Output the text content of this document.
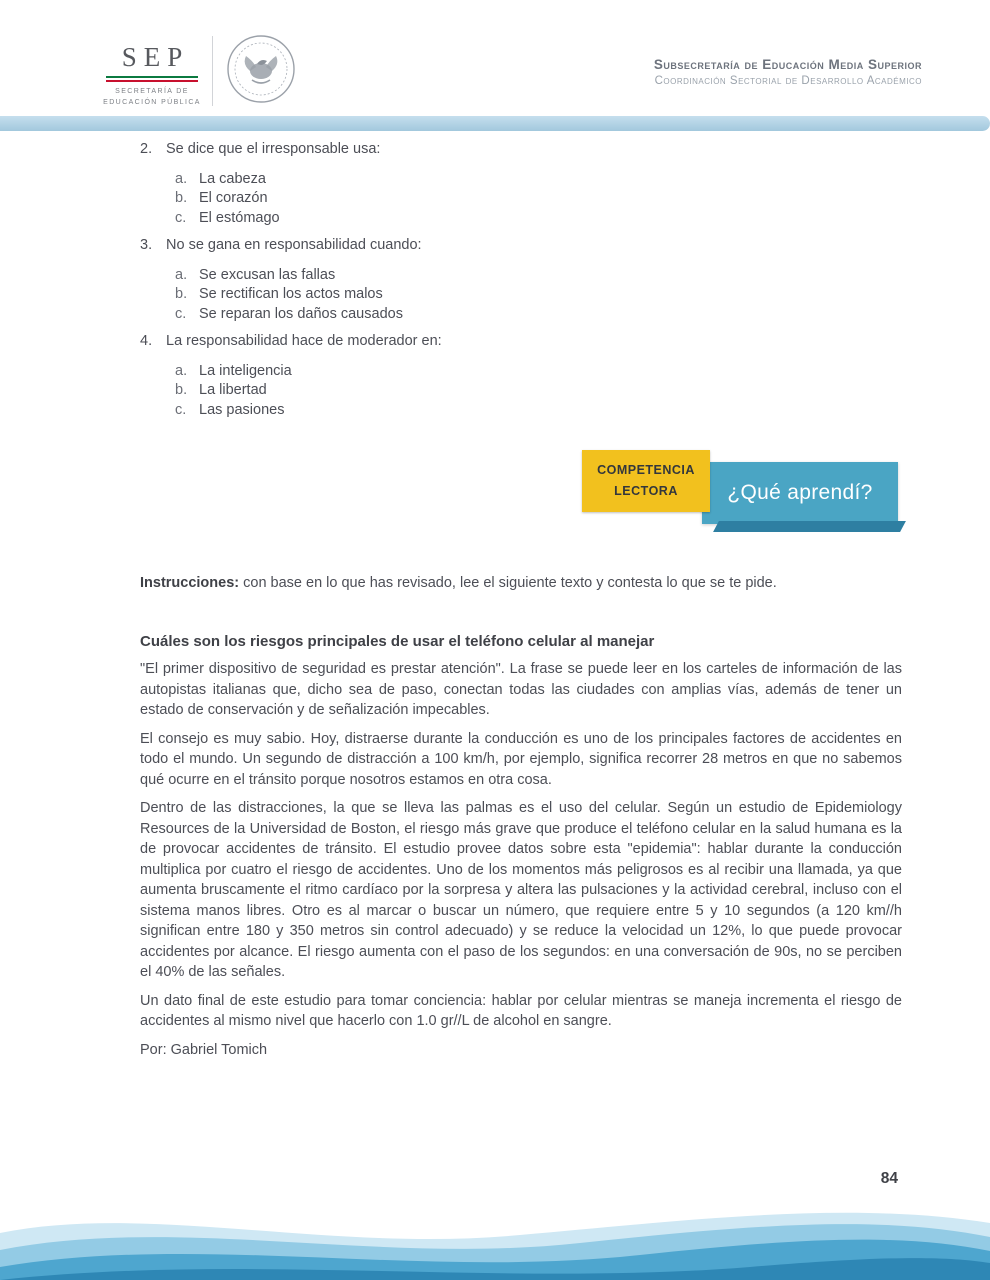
SEP
SECRETARÍA DE
EDUCACIÓN PÚBLICA
Subsecretaría de Educación Media Superior
Coordinación Sectorial de Desarrollo Académico
2. Se dice que el irresponsable usa:
a. La cabeza
b. El corazón
c. El estómago
3. No se gana en responsabilidad cuando:
a. Se excusan las fallas
b. Se rectifican los actos malos
c. Se reparan los daños causados
4. La responsabilidad hace de moderador en:
a. La inteligencia
b. La libertad
c. Las pasiones
COMPETENCIA
LECTORA ¿Qué aprendí?

Instrucciones: con base en lo que has revisado, lee el siguiente texto y contesta lo que se te pide.

Cuáles son los riesgos principales de usar el teléfono celular al manejar

"El primer dispositivo de seguridad es prestar atención". La frase se puede leer en los carteles de información de las autopistas italianas que, dicho sea de paso, conectan todas las ciudades con amplias vías, además de tener un estado de conservación y de señalización impecables.

El consejo es muy sabio. Hoy, distraerse durante la conducción es uno de los principales factores de accidentes en todo el mundo. Un segundo de distracción a 100 km/h, por ejemplo, significa recorrer 28 metros en que no sabemos qué ocurre en el tránsito porque nosotros estamos en otra cosa.

Dentro de las distracciones, la que se lleva las palmas es el uso del celular. Según un estudio de Epidemiology Resources de la Universidad de Boston, el riesgo más grave que produce el teléfono celular en la salud humana es la de provocar accidentes de tránsito. El estudio provee datos sobre esta "epidemia": hablar durante la conducción multiplica por cuatro el riesgo de accidentes. Uno de los momentos más peligrosos es al recibir una llamada, ya que aumenta bruscamente el ritmo cardíaco por la sorpresa y altera las pulsaciones y la actividad cerebral, incluso con el sistema manos libres. Otro es al marcar o buscar un número, que requiere entre 5 y 10 segundos (a 120 km//h significan entre 180 y 350 metros sin control adecuado) y se reduce la velocidad un 12%, lo que puede provocar accidentes por alcance. El riesgo aumenta con el paso de los segundos: en una conversación de 90s, no se perciben el 40% de las señales.

Un dato final de este estudio para tomar conciencia: hablar por celular mientras se maneja incrementa el riesgo de accidentes al mismo nivel que hacerlo con 1.0 gr//L de alcohol en sangre.

Por: Gabriel Tomich

84
